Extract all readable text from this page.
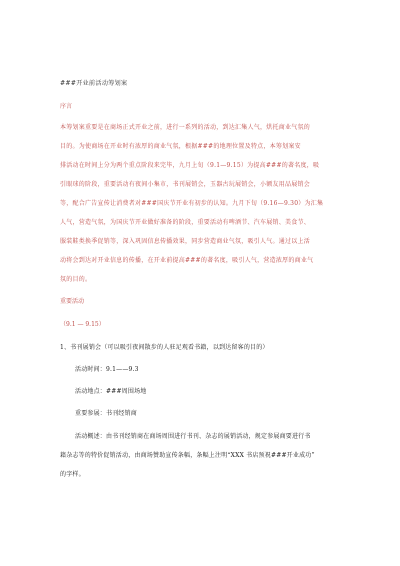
###开业前活动筹划案
序言
本筹划案重要是在商场正式开业之前，进行一系列的活动，到达汇集人气，烘托商业气氛的
目的。为使商场在开业时有浓厚的商业气氛，根据###的地理位置及特点，本筹划案安
排活动在时间上分为两个重点阶段来完毕，九月上旬（9.1—9.15）为提高###的著名度，吸
引眼球的阶段，重要活动有夜间小集市，书刊展销会，玉器古玩展销会，小额友用品展销会
等，配合广告宣传让消费者对###国庆节开业有初步的认知。九月下旬（9.16—9.30）为汇集
人气，营造气氛，为国庆节开业做好准备的阶段，重要活动有啤酒节、汽车展销、美食节、
服装鞋类换季促销等，深入巩固信息传播效果，同步营造商业气氛，吸引人气。通过以上活
动将会到达对开业信息的传播，在开业前提高###的著名度，吸引人气，营造浓厚的商业气
氛的目的。
重要活动
（9.1 — 9.15）
1、书刊展销会（可以吸引夜间散步的人驻足观看书籍，以到达留客的目的）
活动时间：9.1——9.3
活动地点：###周围场地
重要参展：书刊经销商
活动概述：由书刊经销商在商场周围进行书刊、杂志的展销活动，规定参展商要进行书
籍杂志等的特价促销活动，由商场赞助宣传条幅，条幅上注明“XXX 书店预祝###开业成功”
的字样。
